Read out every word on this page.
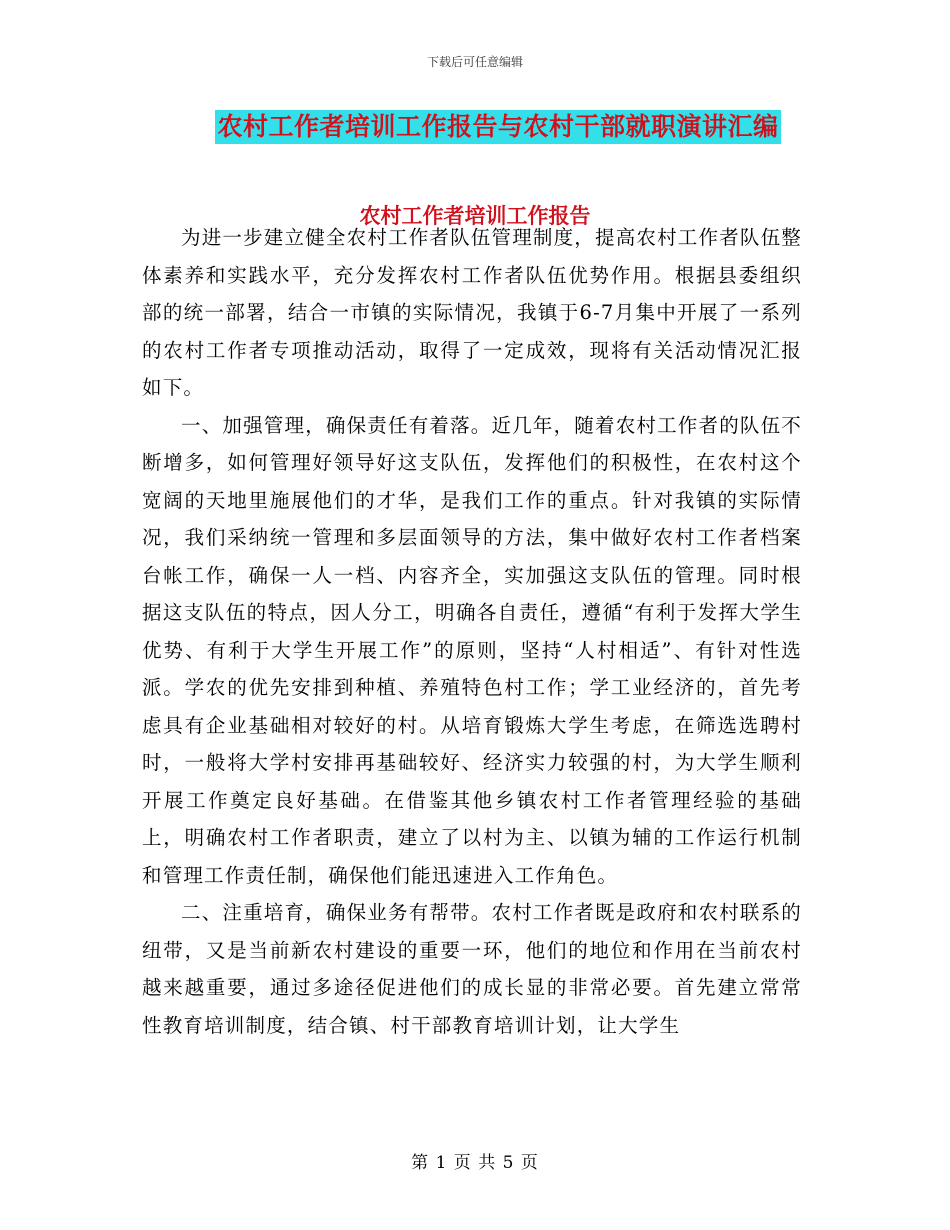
下载后可任意编辑
农村工作者培训工作报告与农村干部就职演讲汇编
农村工作者培训工作报告

为进一步建立健全农村工作者队伍管理制度，提高农村工作者队伍整体素养和实践水平，充分发挥农村工作者队伍优势作用。根据县委组织部的统一部署，结合一市镇的实际情况，我镇于6-7月集中开展了一系列的农村工作者专项推动活动，取得了一定成效，现将有关活动情况汇报如下。

一、加强管理，确保责任有着落。近几年，随着农村工作者的队伍不断增多，如何管理好领导好这支队伍，发挥他们的积极性，在农村这个宽阔的天地里施展他们的才华，是我们工作的重点。针对我镇的实际情况，我们采纳统一管理和多层面领导的方法，集中做好农村工作者档案台帐工作，确保一人一档、内容齐全，实加强这支队伍的管理。同时根据这支队伍的特点，因人分工，明确各自责任，遵循“有利于发挥大学生优势、有利于大学生开展工作”的原则，坚持“人村相适”、有针对性选派。学农的优先安排到种植、养殖特色村工作；学工业经济的，首先考虑具有企业基础相对较好的村。从培育锻炼大学生考虑，在筛选选聘村时，一般将大学村安排再基础较好、经济实力较强的村，为大学生顺利开展工作奠定良好基础。在借鉴其他乡镇农村工作者管理经验的基础上，明确农村工作者职责，建立了以村为主、以镇为辅的工作运行机制和管理工作责任制，确保他们能迅速进入工作角色。

二、注重培育，确保业务有帮带。农村工作者既是政府和农村联系的纽带，又是当前新农村建设的重要一环，他们的地位和作用在当前农村越来越重要，通过多途径促进他们的成长显的非常必要。首先建立常常性教育培训制度，结合镇、村干部教育培训计划，让大学生

第 1 页 共 5 页
